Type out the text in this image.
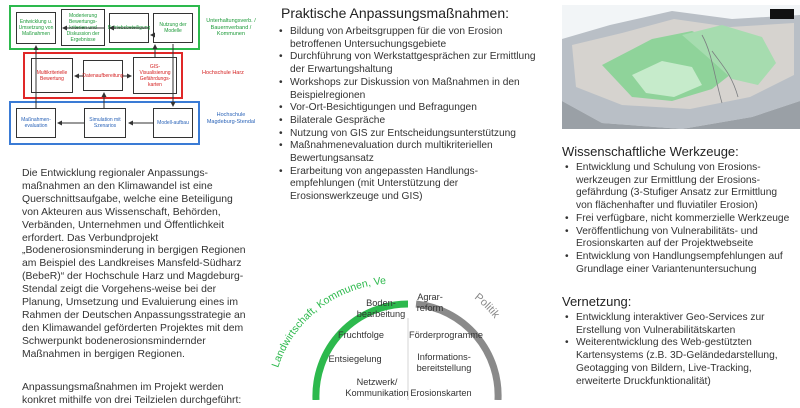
Entwicklung u. Umsetzung von Maßnahmen
Moderierung Bewertungs-kriterien und Diskussion der Ergebnisse
Betriebsbeteiligung	Nutzung der Modelle
Unterhaltungsverb. / Bauernverband / Kommunen
Multikriterielle Bewertung	Datenaufbereitung
GIS-Visualisierung Gefährdungs-karten
Hochschule Harz
Maßnahmen-evaluation
Simulation mit Szenarios	Modell-aufbau
Hochschule Magdeburg-Stendal

Die Entwicklung regionaler Anpassungs-maßnahmen an den Klimawandel ist eine Querschnittsaufgabe, welche eine Beteiligung von Akteuren aus Wissenschaft, Behörden, Verbänden, Unternehmen und Öffentlichkeit erfordert. Das Verbundprojekt „Bodenerosionsminderung in bergigen Regionen am Beispiel des Landkreises Mansfeld-Südharz (BebeR)“ der Hochschule Harz und Magdeburg-Stendal zeigt die Vorgehens-weise bei der Planung, Umsetzung und Evaluierung eines im Rahmen der Deutschen Anpassungsstrategie an den Klimawandel geförderten Projektes mit dem Schwerpunkt bodenerosionsmindernder Maßnahmen in bergigen Regionen.

Anpassungsmaßnahmen im Projekt werden konkret mithilfe von drei Teilzielen durchgeführt:

Praktische Anpassungsmaßnahmen:
• Bildung von Arbeitsgruppen für die von Erosion betroffenen Untersuchungsgebiete
• Durchführung von Werkstattgesprächen zur Ermittlung der Erwartungshaltung
• Workshops zur Diskussion von Maßnahmen in den Beispielregionen
• Vor-Ort-Besichtigungen und Befragungen
• Bilaterale Gespräche
• Nutzung von GIS zur Entscheidungsunterstützung
• Maßnahmenevaluation durch multikriteriellen Bewertungsansatz
• Erarbeitung von angepassten Handlungs-empfehlungen (mit Unterstützung der Erosionswerkzeuge und GIS)
Landwirtschaft, Kommunen, Ve
Politik
Boden-bearbeitung
Agrar-reform
Fruchtfolge	Förderprogramme
Entsiegelung	Informations-bereitstellung
Netzwerk/ Kommunikation Erosionskarten
Wissenschaftliche Werkzeuge:
• Entwicklung und Schulung von Erosions-werkzeugen zur Ermittlung der Erosions-gefährdung (3-Stufiger Ansatz zur Ermittlung von flächenhafter und fluviatiler Erosion)
• Frei verfügbare, nicht kommerzielle Werkzeuge
• Veröffentlichung von Vulnerabilitäts- und Erosionskarten auf der Projektwebseite
• Entwicklung von Handlungsempfehlungen auf Grundlage einer Variantenuntersuchung
Vernetzung:
• Entwicklung interaktiver Geo-Services zur Erstellung von Vulnerabilitätskarten
• Weiterentwicklung des Web-gestützten Kartensystems (z.B. 3D-Geländedarstellung, Geotagging von Bildern, Live-Tracking, erweiterte Druckfunktionalität)
